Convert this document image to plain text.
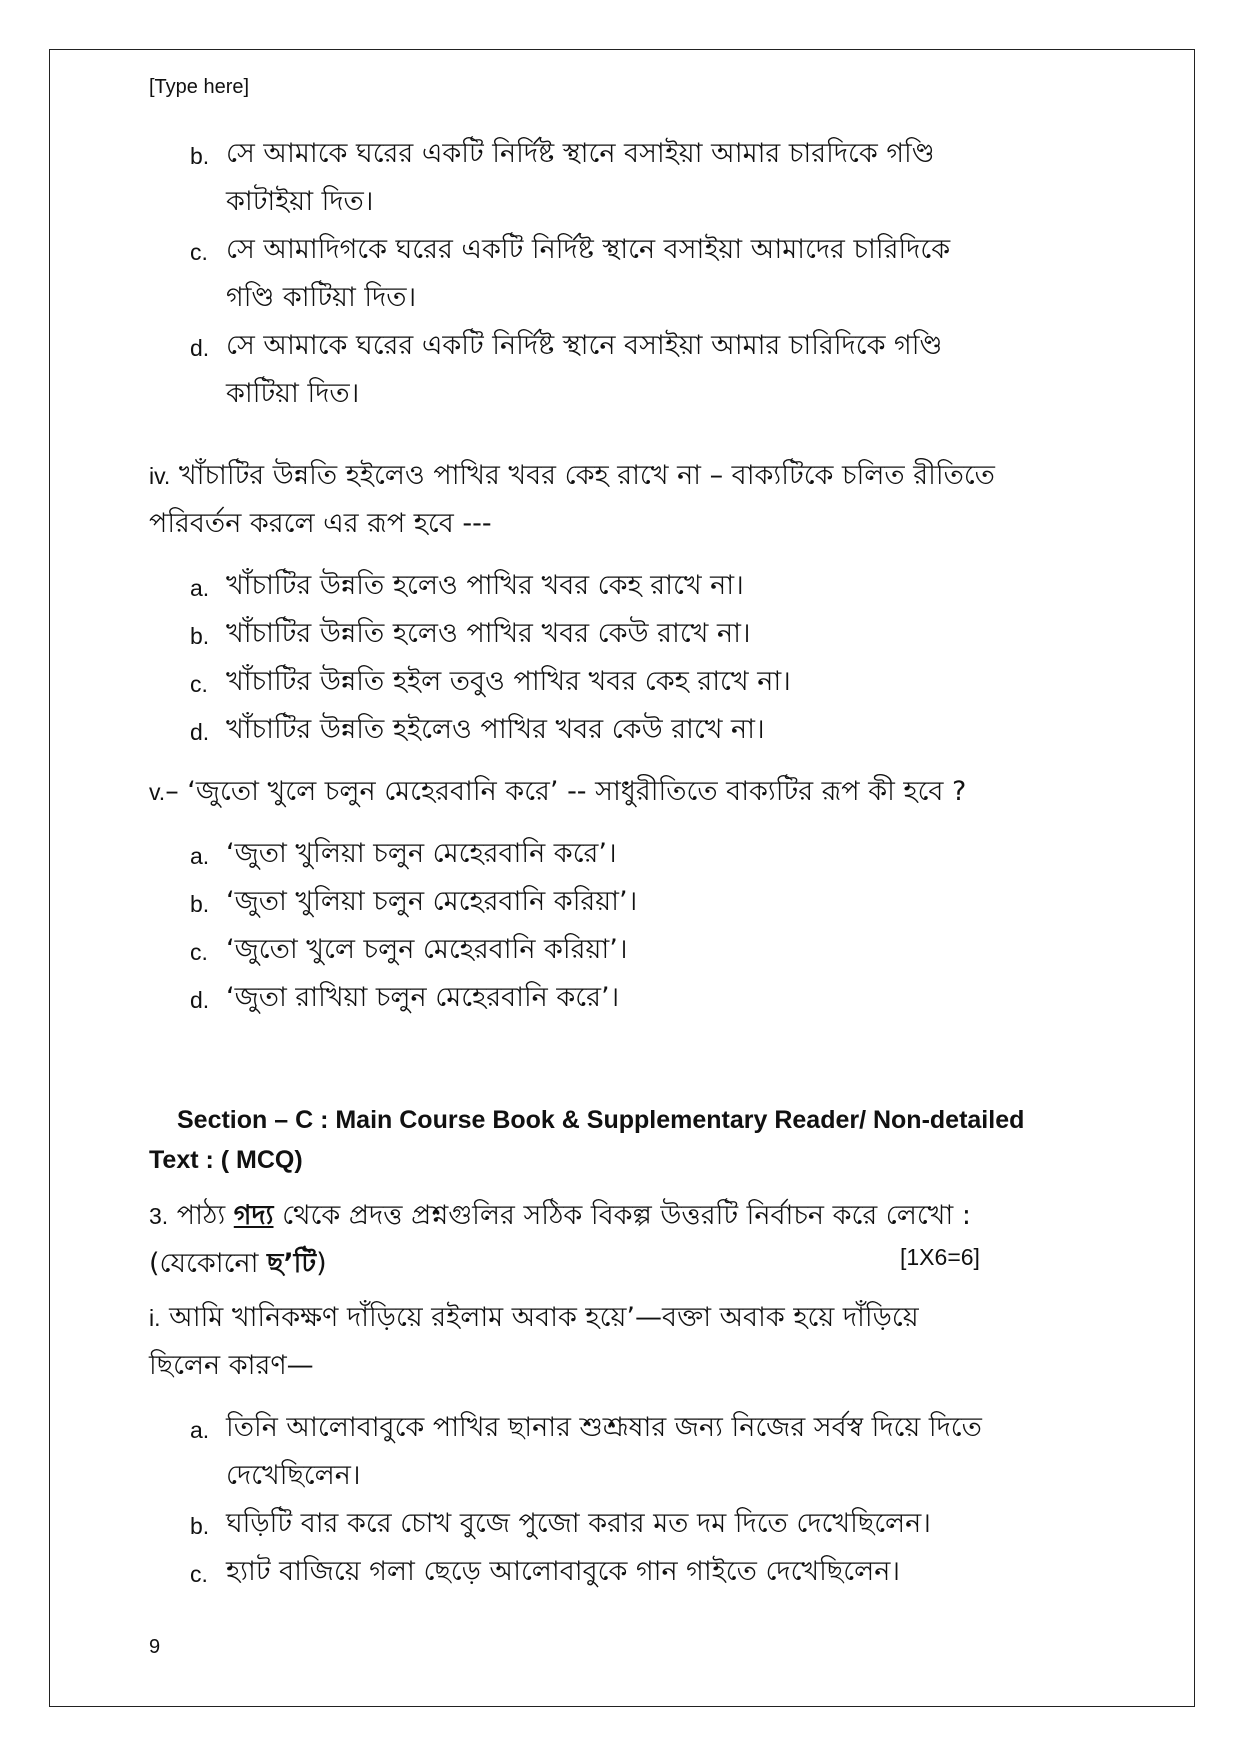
[Type here]
b. সে আমাকে ঘরের একটি নির্দিষ্ট স্থানে বসাইয়া আমার চারদিকে গণ্ডি
কাটাইয়া দিত।
c. সে আমাদিগকে ঘরের একটি নির্দিষ্ট স্থানে বসাইয়া আমাদের চারিদিকে
গণ্ডি কাটিয়া দিত।
d. সে আমাকে ঘরের একটি নির্দিষ্ট স্থানে বসাইয়া আমার চারিদিকে গণ্ডি
কাটিয়া দিত।
iv. খাঁচাটির উন্নতি হইলেও পাখির খবর কেহ রাখে না – বাক্যটিকে চলিত রীতিতে
পরিবর্তন করলে এর রূপ হবে ---
a. খাঁচাটির উন্নতি হলেও পাখির খবর কেহ রাখে না।
b. খাঁচাটির উন্নতি হলেও পাখির খবর কেউ রাখে না।
c. খাঁচাটির উন্নতি হইল তবুও পাখির খবর কেহ রাখে না।
d. খাঁচাটির উন্নতি হইলেও পাখির খবর কেউ রাখে না।
v.– ‘জুতো খুলে চলুন মেহেরবানি করে’ -- সাধুরীতিতে বাক্যটির রূপ কী হবে ?
a. ‘জুতা খুলিয়া চলুন মেহেরবানি করে’।
b. ‘জুতা খুলিয়া চলুন মেহেরবানি করিয়া’।
c. ‘জুতো খুলে চলুন মেহেরবানি করিয়া’।
d. ‘জুতা রাখিয়া চলুন মেহেরবানি করে’।
Section – C : Main Course Book & Supplementary Reader/ Non-detailed
Text : ( MCQ)
3. পাঠ্য গদ্য থেকে প্রদত্ত প্রশ্নগুলির সঠিক বিকল্প উত্তরটি নির্বাচন করে লেখো :
(যেকোনো ছ’টি)	[1X6=6]
i. আমি খানিকক্ষণ দাঁড়িয়ে রইলাম অবাক হয়ে’—বক্তা অবাক হয়ে দাঁড়িয়ে
ছিলেন কারণ—
a. তিনি আলোবাবুকে পাখির ছানার শুশ্রূষার জন্য নিজের সর্বস্ব দিয়ে দিতে
দেখেছিলেন।
b. ঘড়িটি বার করে চোখ বুজে পুজো করার মত দম দিতে দেখেছিলেন।
c. হ্যাট বাজিয়ে গলা ছেড়ে আলোবাবুকে গান গাইতে দেখেছিলেন।
9
